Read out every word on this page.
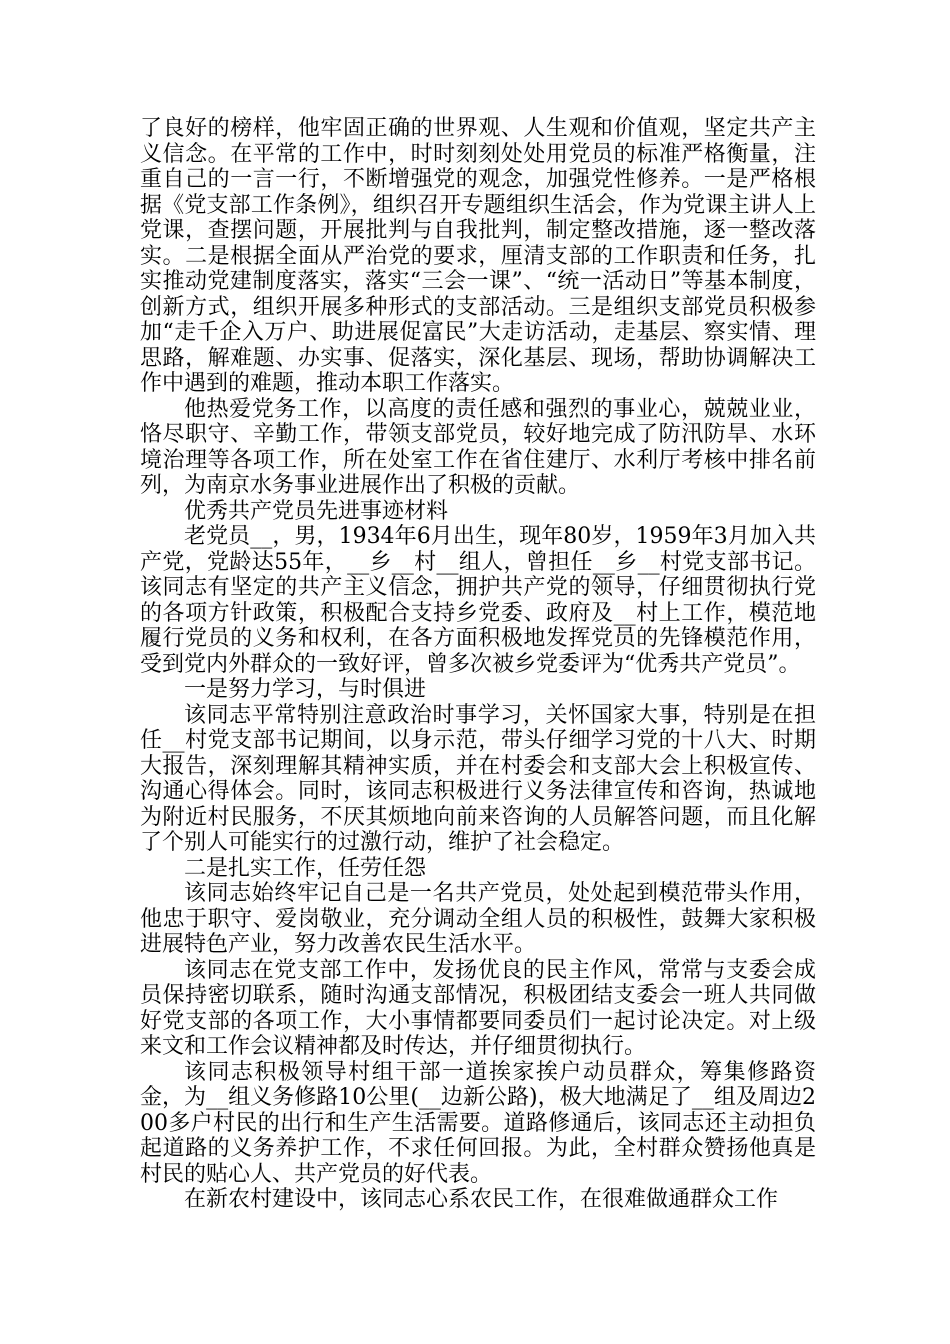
了良好的榜样，他牢固正确的世界观、人生观和价值观，坚定共产主义信念。在平常的工作中，时时刻刻处处用党员的标准严格衡量，注重自己的一言一行，不断增强党的观念，加强党性修养。一是严格根据《党支部工作条例》，组织召开专题组织生活会，作为党课主讲人上党课，查摆问题，开展批判与自我批判，制定整改措施，逐一整改落实。二是根据全面从严治党的要求，厘清支部的工作职责和任务，扎实推动党建制度落实，落实“三会一课”、“统一活动日”等基本制度，创新方式，组织开展多种形式的支部活动。三是组织支部党员积极参加“走千企入万户、助进展促富民”大走访活动，走基层、察实情、理思路，解难题、办实事、促落实，深化基层、现场，帮助协调解决工作中遇到的难题，推动本职工作落实。

他热爱党务工作，以高度的责任感和强烈的事业心，兢兢业业，恪尽职守、辛勤工作，带领支部党员，较好地完成了防汛防旱、水环境治理等各项工作，所在处室工作在省住建厅、水利厅考核中排名前列，为南京水务事业进展作出了积极的贡献。

优秀共产党员先进事迹材料

老党员__，男，1934年6月出生，现年80岁，1959年3月加入共产党，党龄达55年，__乡__村__组人，曾担任__乡__村党支部书记。该同志有坚定的共产主义信念，拥护共产党的领导，仔细贯彻执行党的各项方针政策，积极配合支持乡党委、政府及__村上工作，模范地履行党员的义务和权利，在各方面积极地发挥党员的先锋模范作用，受到党内外群众的一致好评，曾多次被乡党委评为“优秀共产党员”。

一是努力学习，与时俱进

该同志平常特别注意政治时事学习，关怀国家大事，特别是在担任__村党支部书记期间，以身示范，带头仔细学习党的十八大、时期大报告，深刻理解其精神实质，并在村委会和支部大会上积极宣传、沟通心得体会。同时，该同志积极进行义务法律宣传和咨询，热诚地为附近村民服务，不厌其烦地向前来咨询的人员解答问题，而且化解了个别人可能实行的过激行动，维护了社会稳定。

二是扎实工作，任劳任怨

该同志始终牢记自己是一名共产党员，处处起到模范带头作用，他忠于职守、爱岗敬业，充分调动全组人员的积极性，鼓舞大家积极进展特色产业，努力改善农民生活水平。

该同志在党支部工作中，发扬优良的民主作风，常常与支委会成员保持密切联系，随时沟通支部情况，积极团结支委会一班人共同做好党支部的各项工作，大小事情都要同委员们一起讨论决定。对上级来文和工作会议精神都及时传达，并仔细贯彻执行。

该同志积极领导村组干部一道挨家挨户动员群众，筹集修路资金，为__组义务修路10公里(__边新公路)，极大地满足了__组及周边200多户村民的出行和生产生活需要。道路修通后，该同志还主动担负起道路的义务养护工作，不求任何回报。为此，全村群众赞扬他真是村民的贴心人、共产党员的好代表。

在新农村建设中，该同志心系农民工作，在很难做通群众工作
